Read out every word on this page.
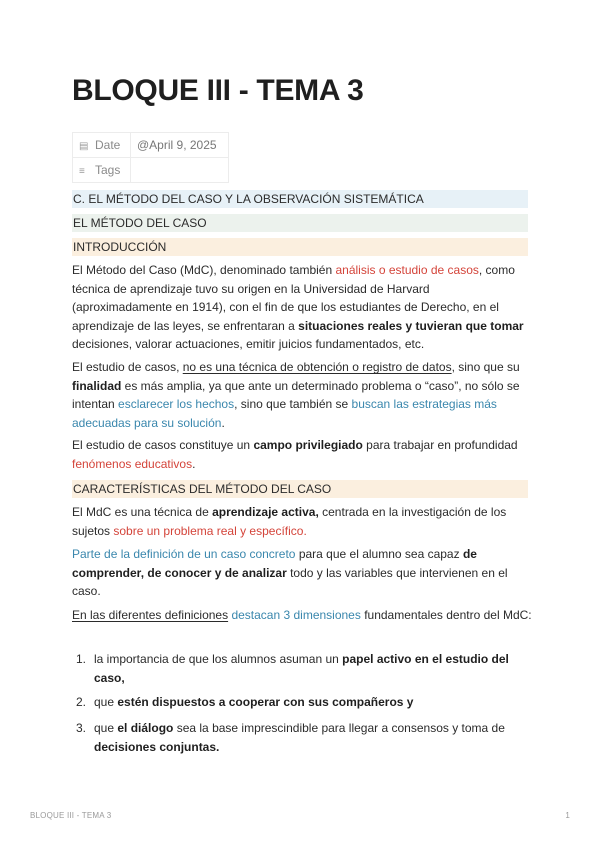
BLOQUE III - TEMA 3
▤ Date	@April 9, 2025
≡ Tags	
C. EL MÉTODO DEL CASO Y LA OBSERVACIÓN SISTEMÁTICA
EL MÉTODO DEL CASO
INTRODUCCIÓN
El Método del Caso (MdC), denominado también análisis o estudio de casos, como técnica de aprendizaje tuvo su origen en la Universidad de Harvard (aproximadamente en 1914), con el fin de que los estudiantes de Derecho, en el aprendizaje de las leyes, se enfrentaran a situaciones reales y tuvieran que tomar decisiones, valorar actuaciones, emitir juicios fundamentados, etc.
El estudio de casos, no es una técnica de obtención o registro de datos, sino que su finalidad es más amplia, ya que ante un determinado problema o “caso”, no sólo se intentan esclarecer los hechos, sino que también se buscan las estrategias más adecuadas para su solución.
El estudio de casos constituye un campo privilegiado para trabajar en profundidad fenómenos educativos.
CARACTERÍSTICAS DEL MÉTODO DEL CASO
El MdC es una técnica de aprendizaje activa, centrada en la investigación de los sujetos sobre un problema real y específico.
Parte de la definición de un caso concreto para que el alumno sea capaz de comprender, de conocer y de analizar todo y las variables que intervienen en el caso.
En las diferentes definiciones destacan 3 dimensiones fundamentales dentro del MdC:
1. la importancia de que los alumnos asuman un papel activo en el estudio del caso,
2. que estén dispuestos a cooperar con sus compañeros y
3. que el diálogo sea la base imprescindible para llegar a consensos y toma de decisiones conjuntas.
BLOQUE III - TEMA 3	1
